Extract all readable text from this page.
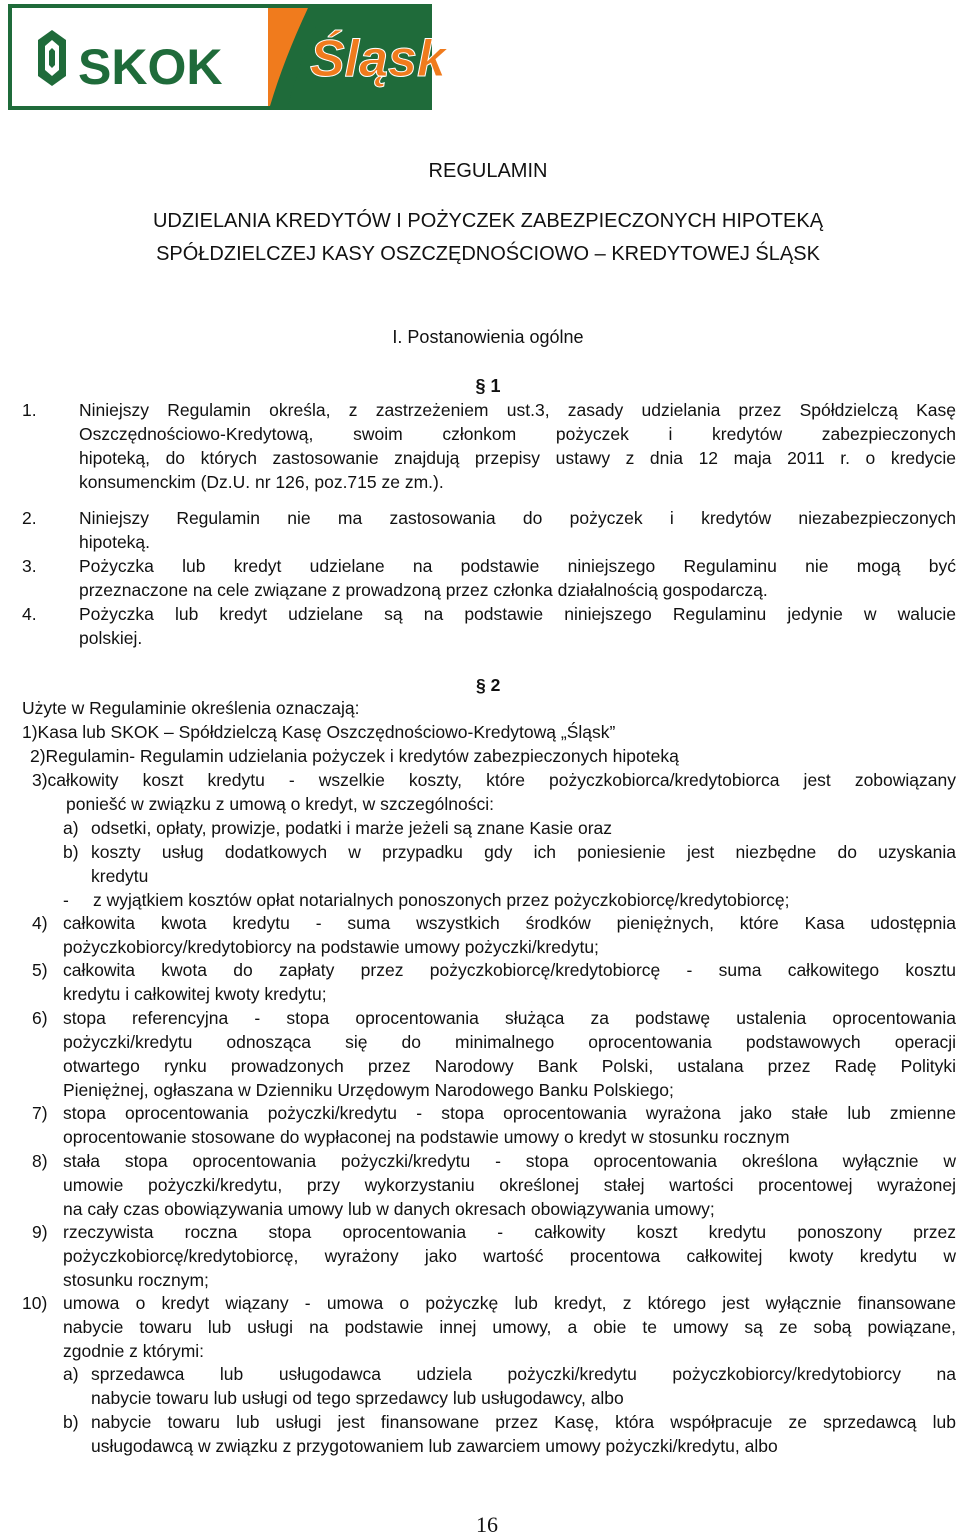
SKOK Śląsk
REGULAMIN
UDZIELANIA KREDYTÓW I POŻYCZEK ZABEZPIECZONYCH HIPOTEKĄ
SPÓŁDZIELCZEJ KASY OSZCZĘDNOŚCIOWO – KREDYTOWEJ ŚLĄSK
I. Postanowienia ogólne
§ 1
1. Niniejszy Regulamin określa, z zastrzeżeniem ust.3, zasady udzielania przez Spółdzielczą Kasę
Oszczędnościowo-Kredytową, swoim członkom pożyczek i kredytów zabezpieczonych
hipoteką, do których zastosowanie znajdują przepisy ustawy z dnia 12 maja 2011 r. o kredycie
konsumenckim (Dz.U. nr 126, poz.715 ze zm.).
2. Niniejszy Regulamin nie ma zastosowania do pożyczek i kredytów niezabezpieczonych
hipoteką.
3. Pożyczka lub kredyt udzielane na podstawie niniejszego Regulaminu nie mogą być
przeznaczone na cele związane z prowadzoną przez członka działalnością gospodarczą.
4. Pożyczka lub kredyt udzielane są na podstawie niniejszego Regulaminu jedynie w walucie
polskiej.
§ 2
Użyte w Regulaminie określenia oznaczają:
1)Kasa lub SKOK – Spółdzielczą Kasę Oszczędnościowo-Kredytową „Śląsk”
2)Regulamin- Regulamin udzielania pożyczek i kredytów zabezpieczonych hipoteką
3)całkowity koszt kredytu - wszelkie koszty, które pożyczkobiorca/kredytobiorca jest zobowiązany
poniešć w związku z umową o kredyt, w szczególności:
a) odsetki, opłaty, prowizje, podatki i marże jeżeli są znane Kasie oraz
b) koszty usług dodatkowych w przypadku gdy ich poniesienie jest niezbędne do uzyskania
kredytu
- z wyjątkiem kosztów opłat notarialnych ponoszonych przez pożyczkobiorcę/kredytobiorcę;
4) całkowita kwota kredytu - suma wszystkich środków pieniężnych, które Kasa udostępnia
pożyczkobiorcy/kredytobiorcy na podstawie umowy pożyczki/kredytu;
5) całkowita kwota do zapłaty przez pożyczkobiorcę/kredytobiorcę - suma całkowitego kosztu
kredytu i całkowitej kwoty kredytu;
6) stopa referencyjna - stopa oprocentowania służąca za podstawę ustalenia oprocentowania
pożyczki/kredytu odnosząca się do minimalnego oprocentowania podstawowych operacji
otwartego rynku prowadzonych przez Narodowy Bank Polski, ustalana przez Radę Polityki
Pieniężnej, ogłaszana w Dzienniku Urzędowym Narodowego Banku Polskiego;
7) stopa oprocentowania pożyczki/kredytu - stopa oprocentowania wyrażona jako stałe lub zmienne
oprocentowanie stosowane do wypłaconej na podstawie umowy o kredyt w stosunku rocznym
8) stała stopa oprocentowania pożyczki/kredytu - stopa oprocentowania określona wyłącznie w
umowie pożyczki/kredytu, przy wykorzystaniu określonej stałej wartości procentowej wyrażonej
na cały czas obowiązywania umowy lub w danych okresach obowiązywania umowy;
9) rzeczywista roczna stopa oprocentowania - całkowity koszt kredytu ponoszony przez
pożyczkobiorcę/kredytobiorcę, wyrażony jako wartość procentowa całkowitej kwoty kredytu w
stosunku rocznym;
10) umowa o kredyt wiązany - umowa o pożyczkę lub kredyt, z którego jest wyłącznie finansowane
nabycie towaru lub usługi na podstawie innej umowy, a obie te umowy są ze sobą powiązane,
zgodnie z którymi:
a) sprzedawca lub usługodawca udziela pożyczki/kredytu pożyczkobiorcy/kredytobiorcy na
nabycie towaru lub usługi od tego sprzedawcy lub usługodawcy, albo
b) nabycie towaru lub usługi jest finansowane przez Kasę, która współpracuje ze sprzedawcą lub
usługodawcą w związku z przygotowaniem lub zawarciem umowy pożyczki/kredytu, albo
16
